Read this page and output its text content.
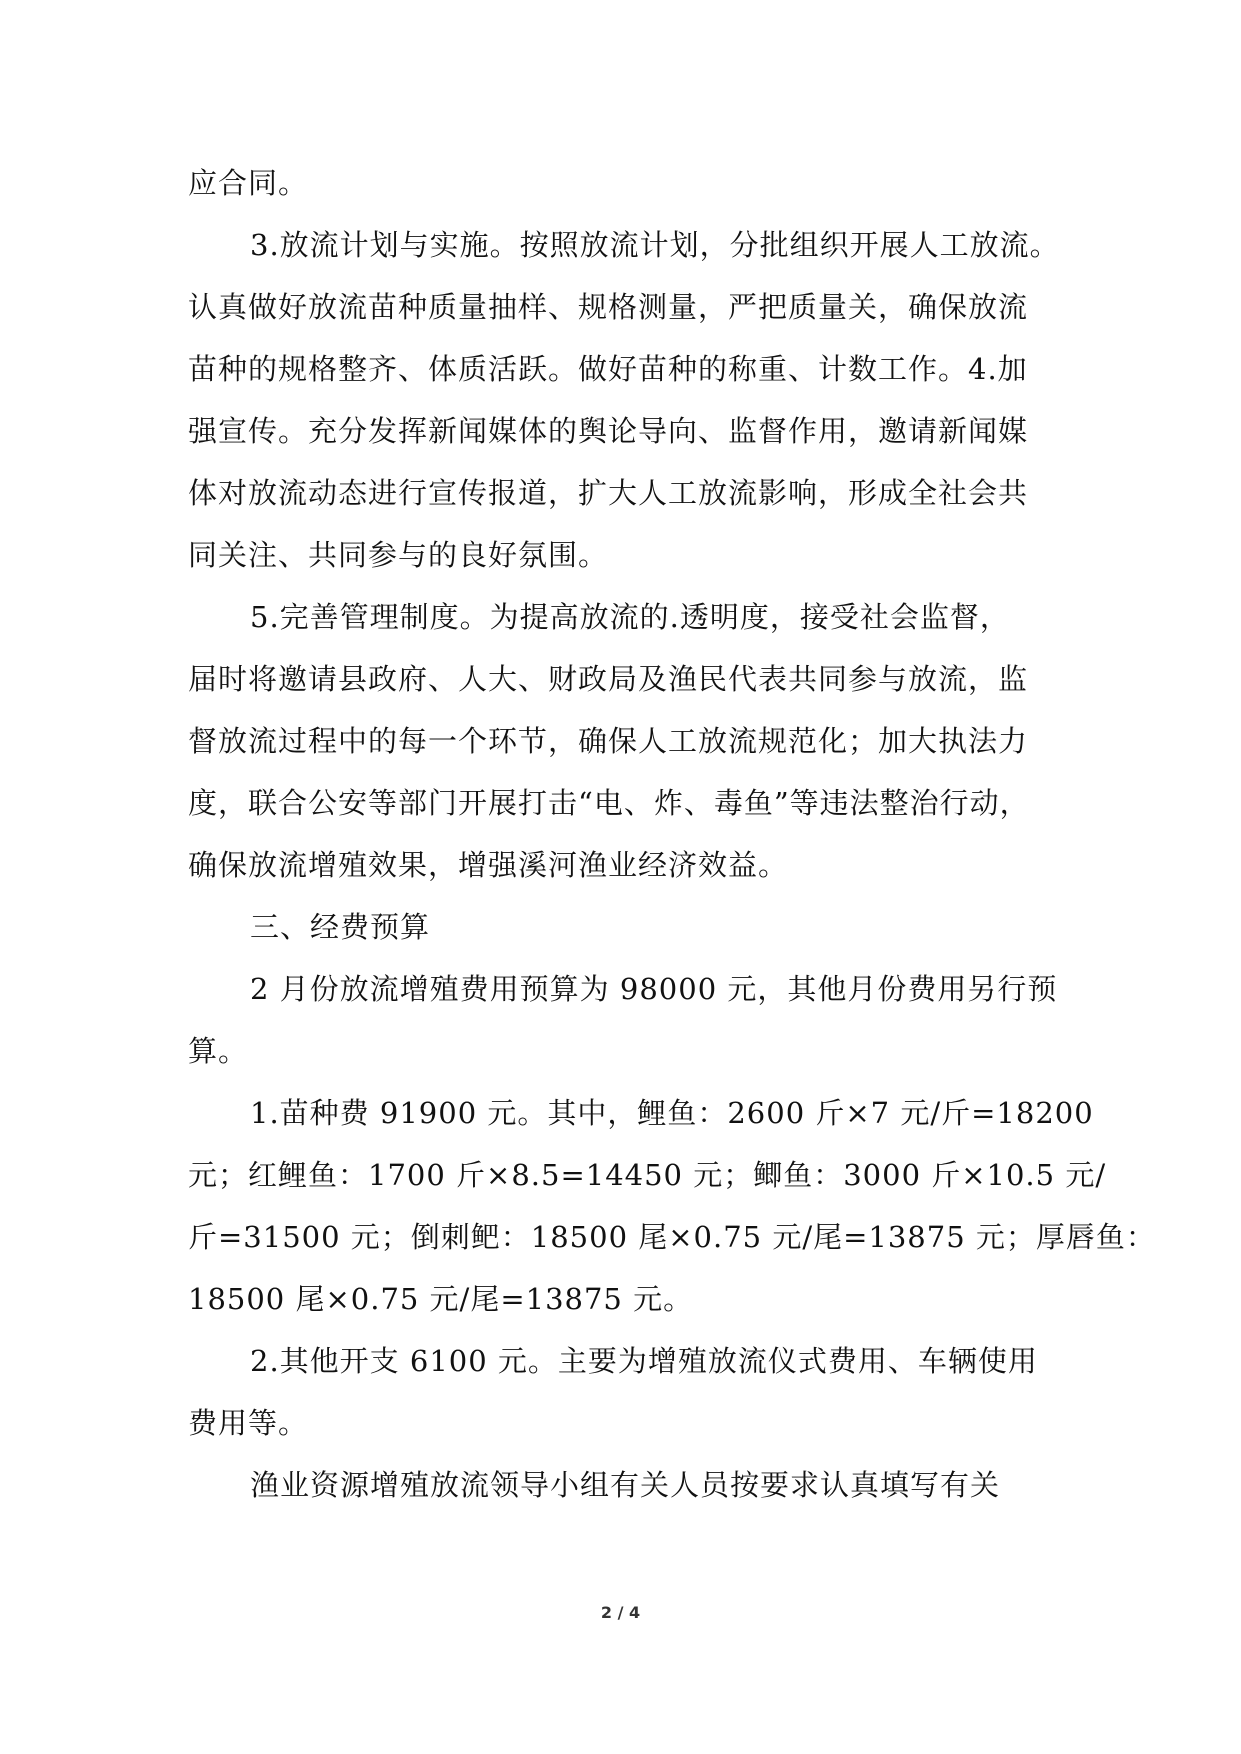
应合同。
3.放流计划与实施。按照放流计划，分批组织开展人工放流。
认真做好放流苗种质量抽样、规格测量，严把质量关，确保放流
苗种的规格整齐、体质活跃。做好苗种的称重、计数工作。4.加
强宣传。充分发挥新闻媒体的舆论导向、监督作用，邀请新闻媒
体对放流动态进行宣传报道，扩大人工放流影响，形成全社会共
同关注、共同参与的良好氛围。
5.完善管理制度。为提高放流的.透明度，接受社会监督，
届时将邀请县政府、人大、财政局及渔民代表共同参与放流，监
督放流过程中的每一个环节，确保人工放流规范化；加大执法力
度，联合公安等部门开展打击“电、炸、毒鱼”等违法整治行动，
确保放流增殖效果，增强溪河渔业经济效益。
三、经费预算
2 月份放流增殖费用预算为 98000 元，其他月份费用另行预
算。
1.苗种费 91900 元。其中，鲤鱼：2600 斤×7 元/斤=18200
元；红鲤鱼：1700 斤×8.5=14450 元；鲫鱼：3000 斤×10.5 元/
斤=31500 元；倒刺鲃：18500 尾×0.75 元/尾=13875 元；厚唇鱼：
18500 尾×0.75 元/尾=13875 元。
2.其他开支 6100 元。主要为增殖放流仪式费用、车辆使用
费用等。
渔业资源增殖放流领导小组有关人员按要求认真填写有关
2 / 4
